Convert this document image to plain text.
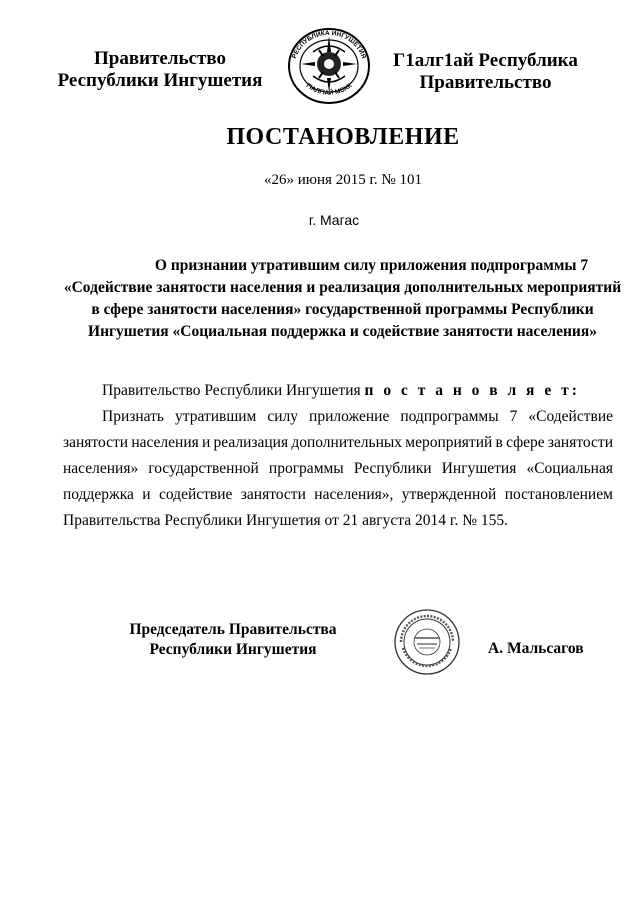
Правительство
Республики Ингушетия
РЕСПУБЛИКА ИНГУШЕТИЯ
ГIАЛГIАЙ МОХК
Г1алг1ай Республика
Правительство
ПОСТАНОВЛЕНИЕ
«26» июня 2015 г. № 101
г. Магас
О признании утратившим силу приложения подпрограммы 7
«Содействие занятости населения и реализация дополнительных мероприятий
в сфере занятости населения» государственной программы Республики
Ингушетия «Социальная поддержка и содействие занятости населения»
Правительство Республики Ингушетия п о с т а н о в л я е т:
Признать утратившим силу приложение подпрограммы 7 «Содействие
занятости населения и реализация дополнительных мероприятий в сфере занятости
населения» государственной программы Республики Ингушетия «Социальная
поддержка и содействие занятости населения», утвержденной постановлением
Правительства Республики Ингушетия от 21 августа 2014 г. № 155.
Председатель Правительства
Республики Ингушетия	А. Мальсагов
